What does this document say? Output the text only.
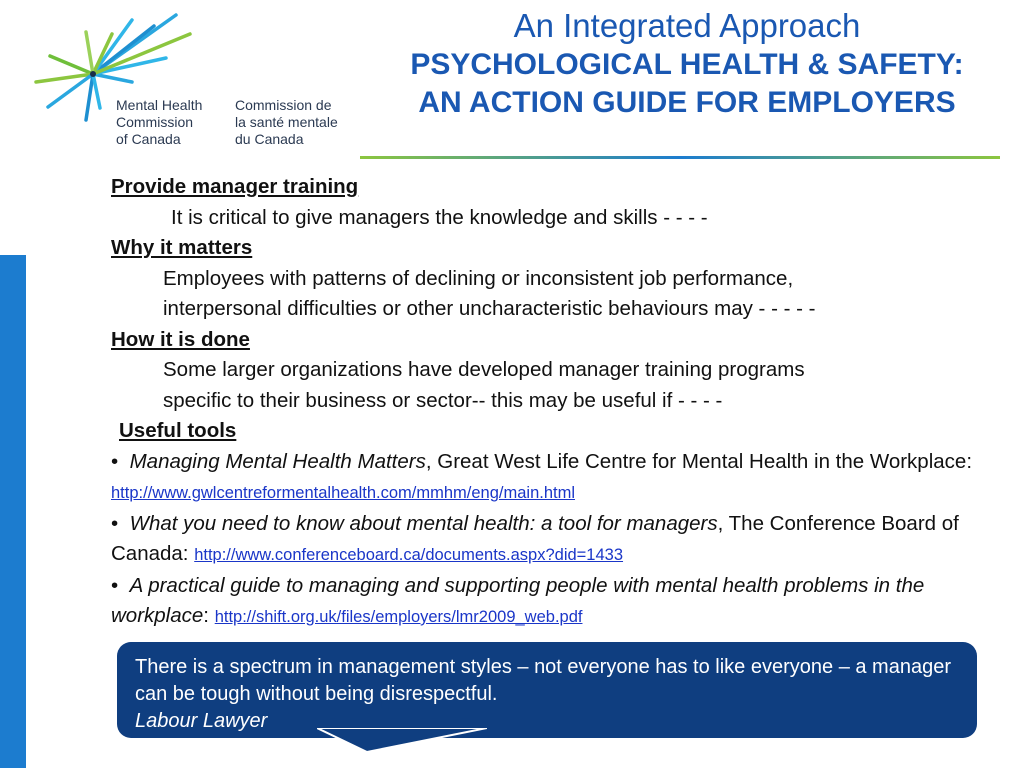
Mental Health
Commission
of Canada
Commission de
la santé mentale
du Canada
An Integrated Approach
PSYCHOLOGICAL HEALTH & SAFETY:
AN ACTION GUIDE FOR EMPLOYERS

Provide manager training

It is critical to give managers the knowledge and skills - - - -

Why it matters

Employees with patterns of declining or inconsistent job performance,

interpersonal difficulties or other uncharacteristic behaviours may - - - - -

How it is done

Some larger organizations have developed manager training programs

specific to their business or sector-- this may be useful if - - - -

Useful tools

• Managing Mental Health Matters, Great West Life Centre for Mental Health in the Workplace: http://www.gwlcentreformentalhealth.com/mmhm/eng/main.html

• What you need to know about mental health: a tool for managers, The Conference Board of Canada: http://www.conferenceboard.ca/documents.aspx?did=1433

• A practical guide to managing and supporting people with mental health problems in the workplace: http://shift.org.uk/files/employers/lmr2009_web.pdf

There is a spectrum in management styles – not everyone has to like everyone – a manager can be tough without being disrespectful.

Labour Lawyer
